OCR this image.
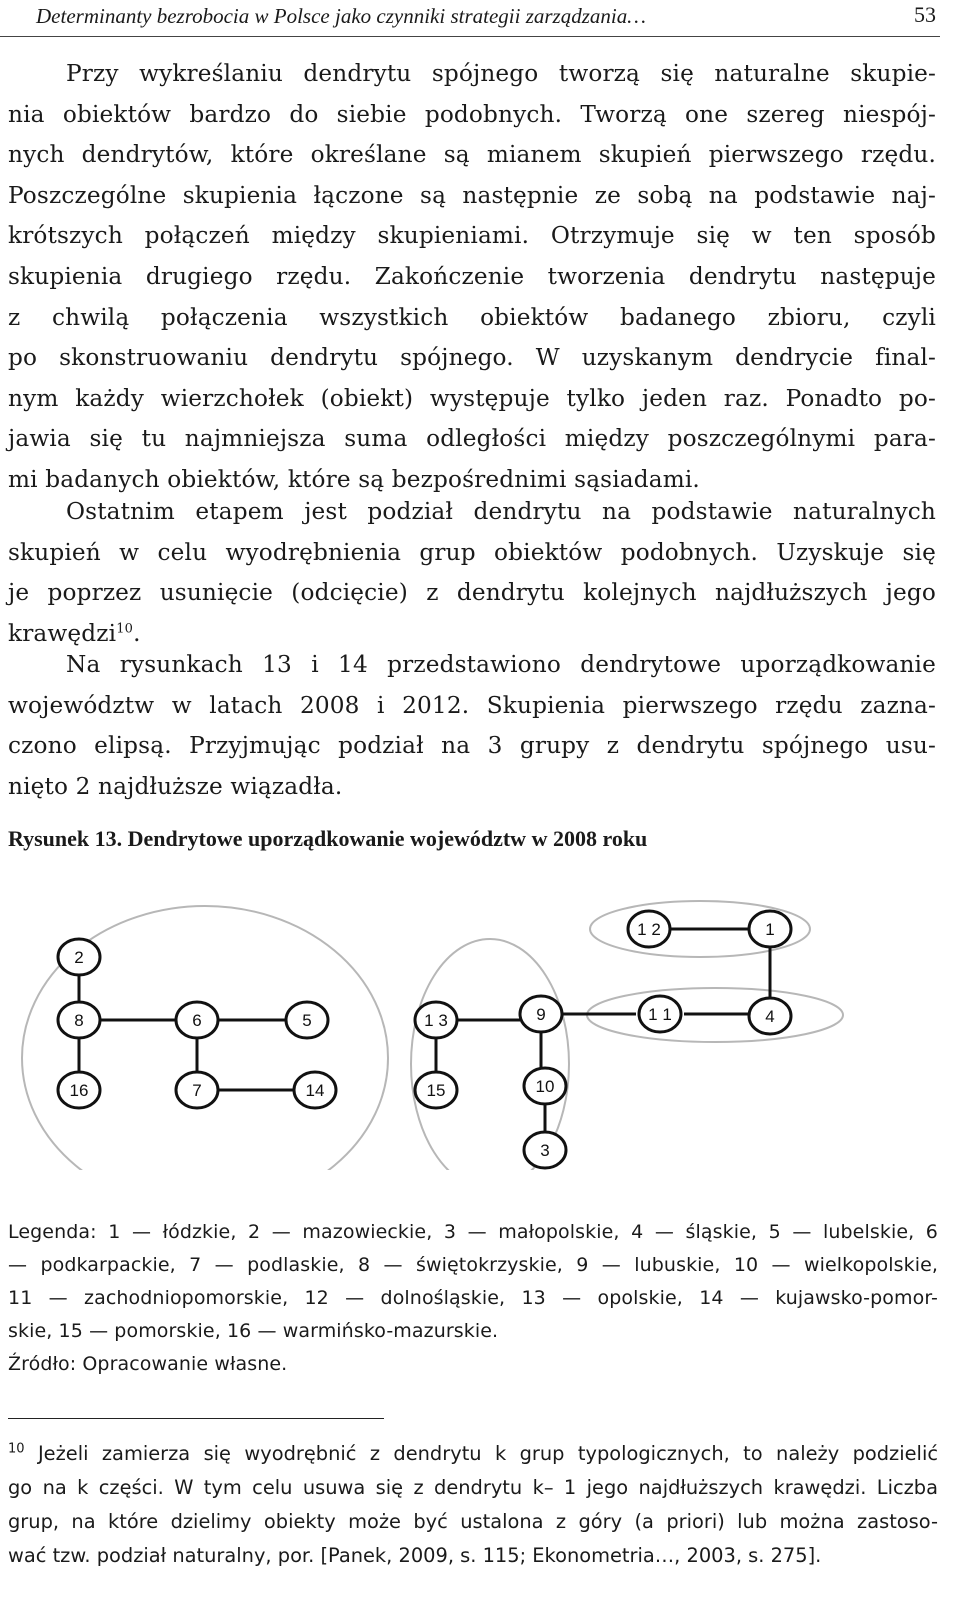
Determinanty bezrobocia w Polsce jako czynniki strategii zarządzania…	53
Przy wykreślaniu dendrytu spójnego tworzą się naturalne skupie-
nia obiektów bardzo do siebie podobnych. Tworzą one szereg niespój-
nych dendrytów, które określane są mianem skupień pierwszego rzędu.
Poszczególne skupienia łączone są następnie ze sobą na podstawie naj-
krótszych połączeń między skupieniami. Otrzymuje się w ten sposób
skupienia drugiego rzędu. Zakończenie tworzenia dendrytu następuje
z chwilą połączenia wszystkich obiektów badanego zbioru, czyli
po skonstruowaniu dendrytu spójnego. W uzyskanym dendrycie final-
nym każdy wierzchołek (obiekt) występuje tylko jeden raz. Ponadto po-
jawia się tu najmniejsza suma odległości między poszczególnymi para-
mi badanych obiektów, które są bezpośrednimi sąsiadami.
Ostatnim etapem jest podział dendrytu na podstawie naturalnych
skupień w celu wyodrębnienia grup obiektów podobnych. Uzyskuje się
je poprzez usunięcie (odcięcie) z dendrytu kolejnych najdłuższych jego
krawędzi$^{10}$.
Na rysunkach 13 i 14 przedstawiono dendrytowe uporządkowanie
województw w latach 2008 i 2012. Skupienia pierwszego rzędu zazna-
czono elipsą. Przyjmując podział na 3 grupy z dendrytu spójnego usu-
nięto 2 najdłuższe wiązadła.

Rysunek 13. Dendrytowe uporządkowanie województw w 2008 roku

2
8	6	5
16	7	14
1 3
15
9
10
3
1 2	1
1 1	4
Legenda: 1 — łódzkie, 2 — mazowieckie, 3 — małopolskie, 4 — śląskie, 5 — lubelskie, 6
— podkarpackie, 7 — podlaskie, 8 — świętokrzyskie, 9 — lubuskie, 10 — wielkopolskie,
11 — zachodniopomorskie, 12 — dolnośląskie, 13 — opolskie, 14 — kujawsko-pomor-
skie, 15 — pomorskie, 16 — warmińsko-mazurskie.
Źródło: Opracowanie własne.
$^{10}$ Jeżeli zamierza się wyodrębnić z dendrytu k grup typologicznych, to należy podzielić
go na k części. W tym celu usuwa się z dendrytu k– 1 jego najdłuższych krawędzi. Liczba
grup, na które dzielimy obiekty może być ustalona z góry (a priori) lub można zastoso-
wać tzw. podział naturalny, por. [Panek, 2009, s. 115; Ekonometria…, 2003, s. 275].
